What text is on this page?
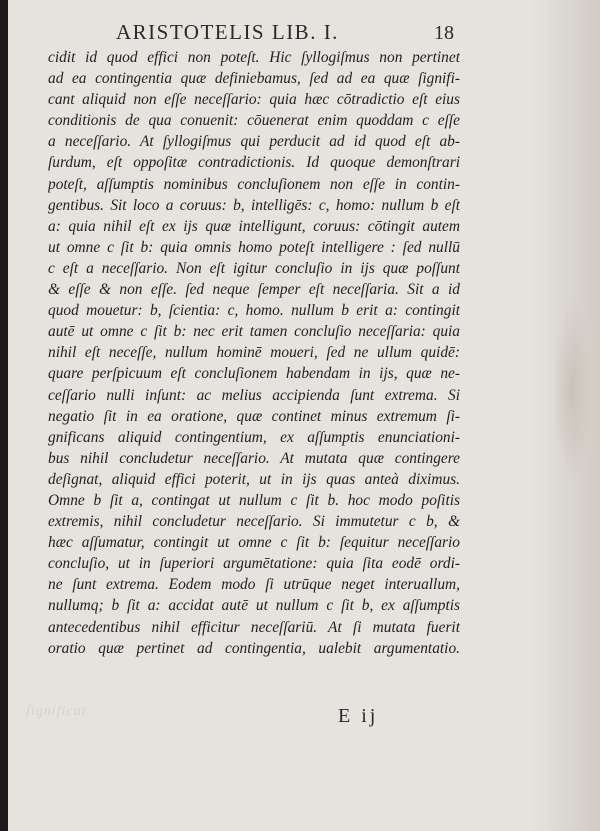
ARISTOTELIS LIB. I.	18
cidit id quod effici non poteſt. Hic ſyllogiſmus non pertinet
ad ea contingentia quæ definiebamus, ſed ad ea quæ ſignifi-
cant aliquid non eſſe neceſſario: quia hæc cōtradictio eſt eius
conditionis de qua conuenit: cōuenerat enim quoddam c eſſe
a neceſſario. At ſyllogiſmus qui perducit ad id quod eſt ab-
ſurdum, eſt oppoſitæ contradictionis. Id quoque demonſtrari
poteſt, aſſumptis nominibus concluſionem non eſſe in contin-
gentibus. Sit loco a coruus: b, intelligēs: c, homo: nullum b eſt
a: quia nihil eſt ex ijs quæ intelligunt, coruus: cōtingit autem
ut omne c ſit b: quia omnis homo poteſt intelligere : ſed nullū
c eſt a neceſſario. Non eſt igitur concluſio in ijs quæ poſſunt
& eſſe & non eſſe. ſed neque ſemper eſt neceſſaria. Sit a id
quod mouetur: b, ſcientia: c, homo. nullum b erit a: contingit
autē ut omne c ſit b: nec erit tamen concluſio neceſſaria: quia
nihil eſt neceſſe, nullum hominē moueri, ſed ne ullum quidē:
quare perſpicuum eſt concluſionem habendam in ijs, quæ ne-
ceſſario nulli inſunt: ac melius accipienda ſunt extrema. Si
negatio ſit in ea oratione, quæ continet minus extremum ſi-
gnificans aliquid contingentium, ex aſſumptis enunciationi-
bus nihil concludetur neceſſario. At mutata quæ contingere
deſignat, aliquid effici poterit, ut in ijs quas anteà diximus.
Omne b ſit a, contingat ut nullum c ſit b. hoc modo poſitis
extremis, nihil concludetur neceſſario. Si immutetur c b, &
hæc aſſumatur, contingit ut omne c ſit b: ſequitur neceſſario
concluſio, ut in ſuperiori argumētatione: quia ſita eodē ordi-
ne ſunt extrema. Eodem modo ſi utrūque neget interuallum,
nullumq; b ſit a: accidat autē ut nullum c ſit b, ex aſſumptis
antecedentibus nihil efficitur neceſſariū. At ſi mutata fuerit
oratio quæ pertinet ad contingentia, ualebit argumentatio.
ſignificat	E ij
